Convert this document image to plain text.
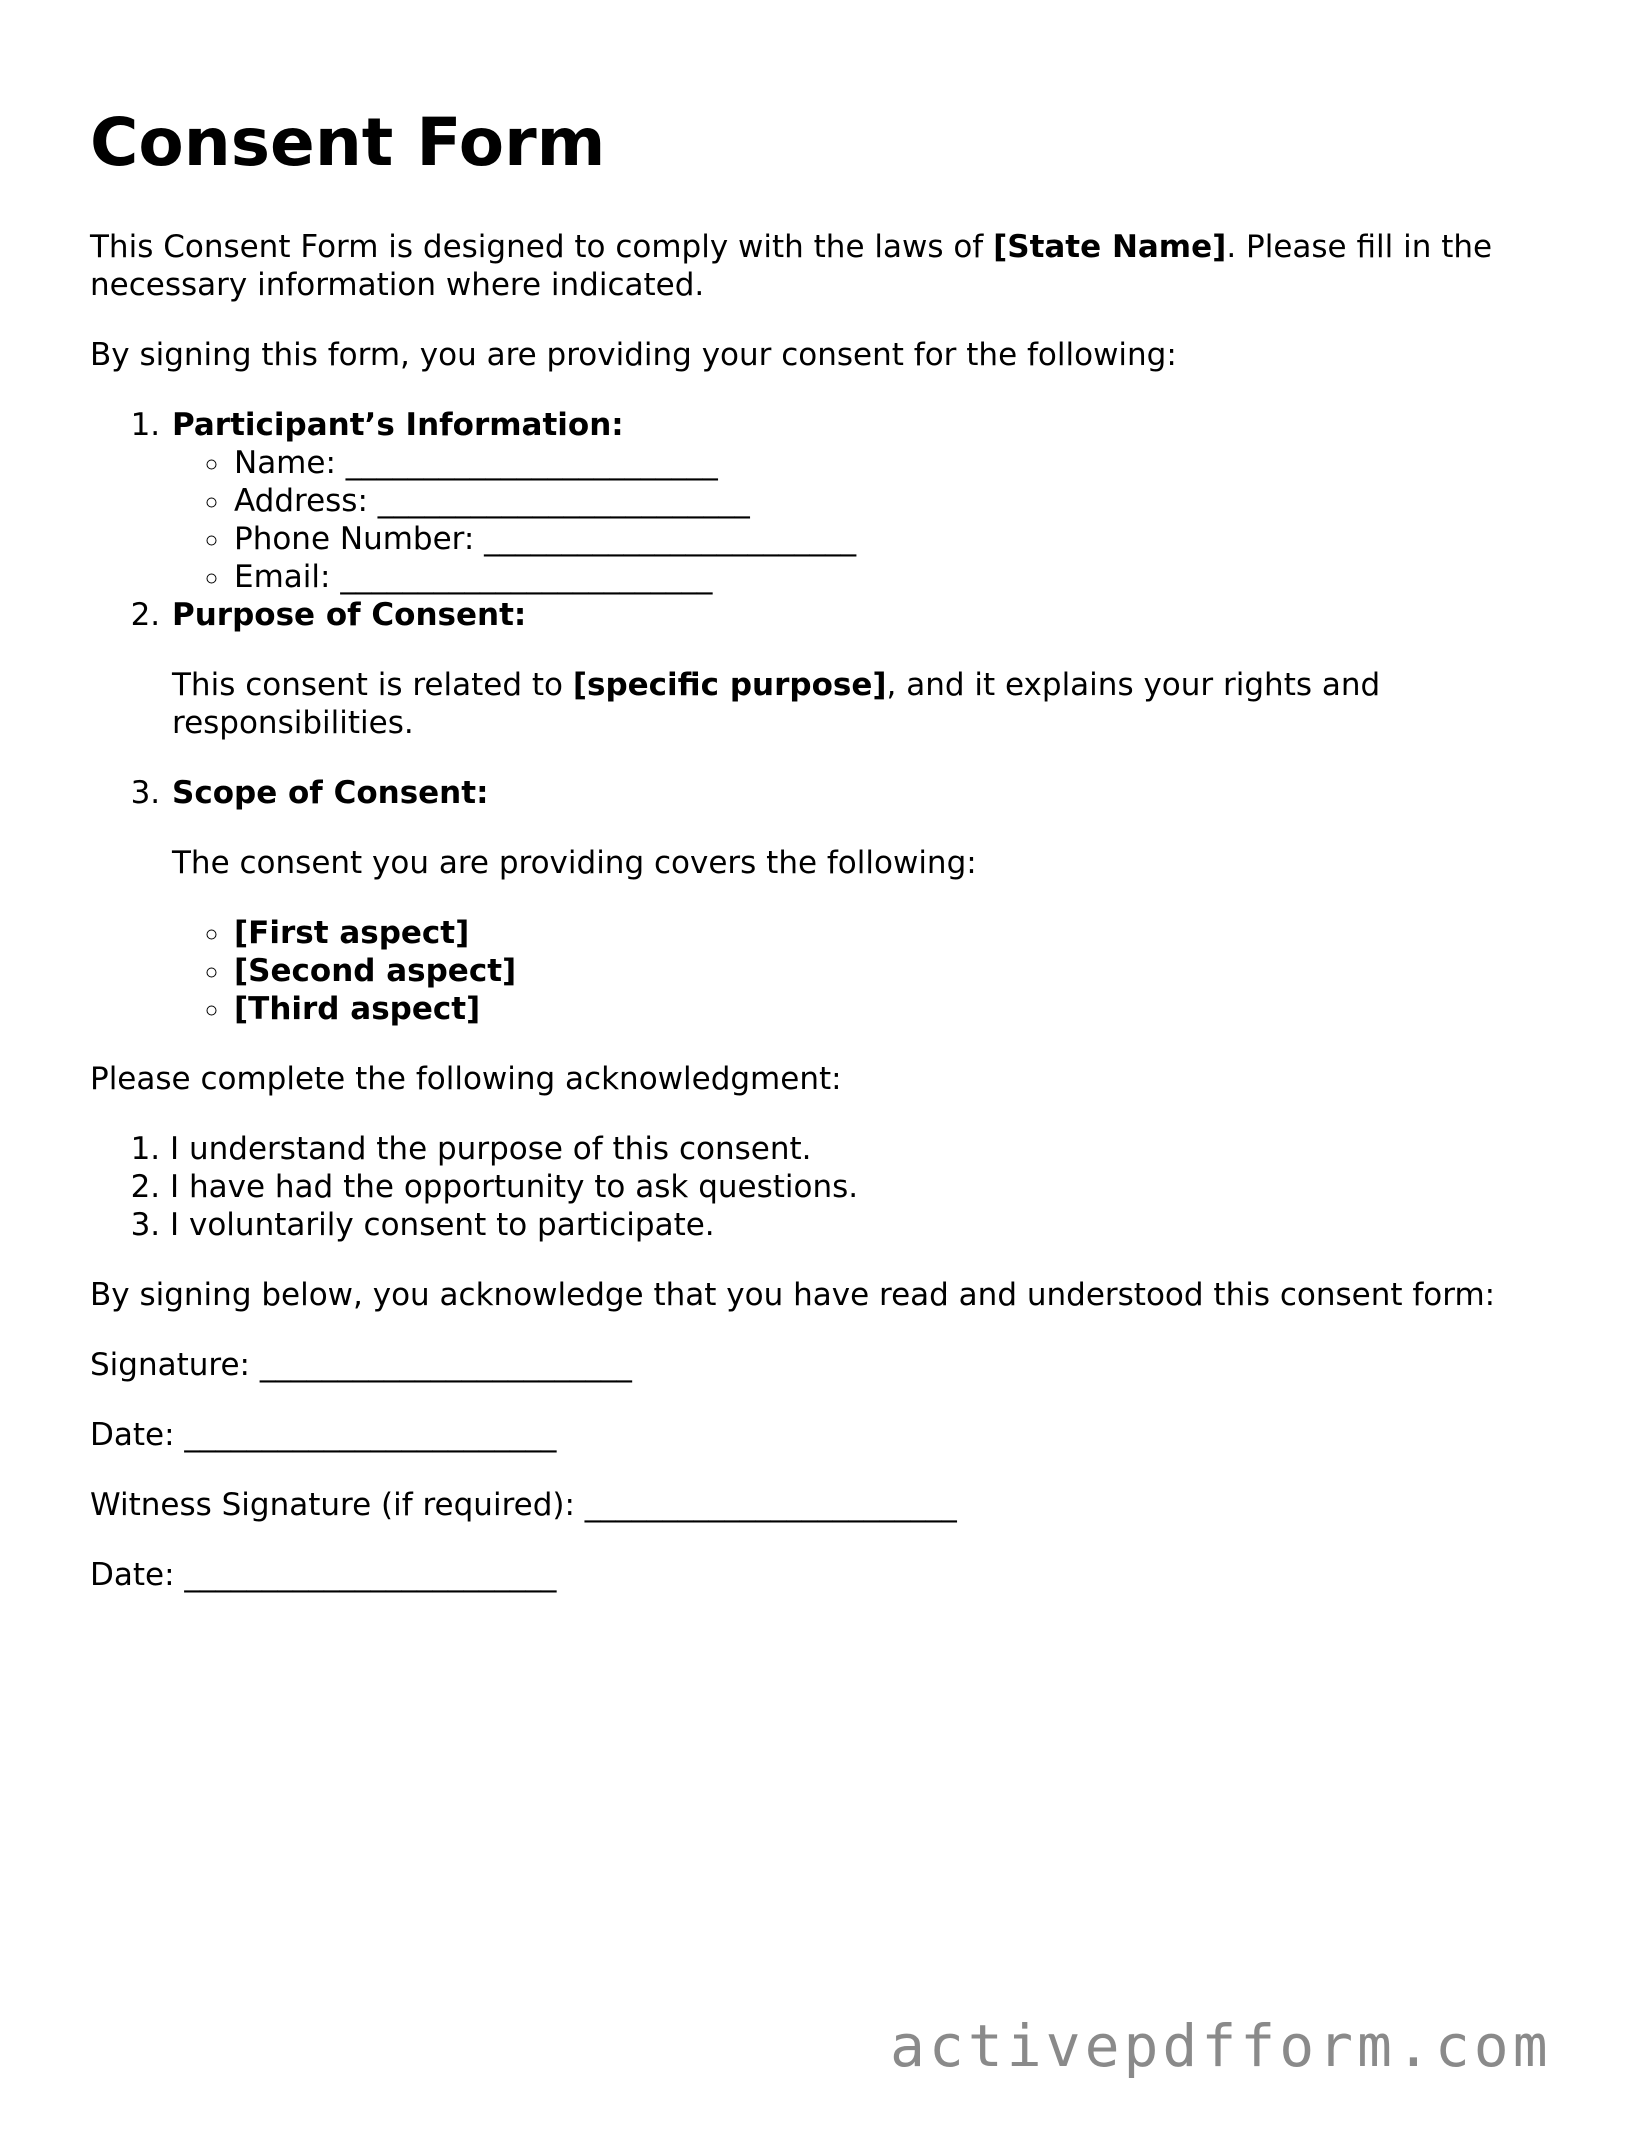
Consent Form

This Consent Form is designed to comply with the laws of [State Name]. Please fill in the necessary information where indicated.

By signing this form, you are providing your consent for the following:

1. Participant’s Information:
◦ Name: ________________________
◦ Address: ________________________
◦ Phone Number: ________________________
◦ Email: ________________________
2. Purpose of Consent:

This consent is related to [specific purpose], and it explains your rights and responsibilities.

3. Scope of Consent:

The consent you are providing covers the following:

◦ [First aspect]
◦ [Second aspect]
◦ [Third aspect]

Please complete the following acknowledgment:

1. I understand the purpose of this consent.
2. I have had the opportunity to ask questions.
3. I voluntarily consent to participate.

By signing below, you acknowledge that you have read and understood this consent form:

Signature: ________________________

Date: ________________________

Witness Signature (if required): ________________________

Date: ________________________

activepdfform.com
